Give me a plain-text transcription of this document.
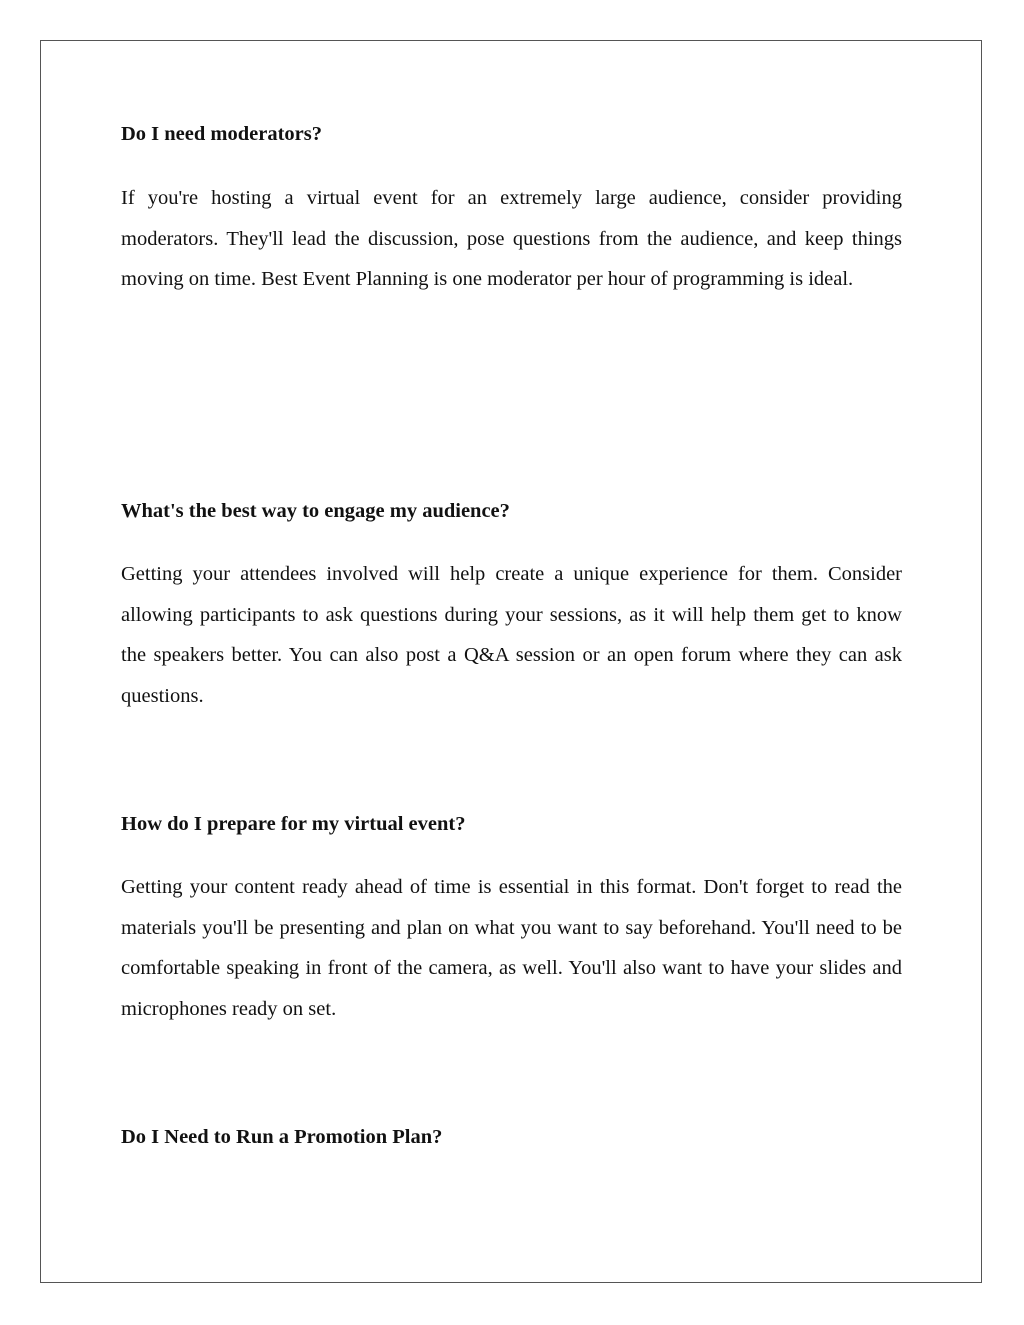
Do I need moderators?

If you're hosting a virtual event for an extremely large audience, consider providing moderators. They'll lead the discussion, pose questions from the audience, and keep things moving on time. Best Event Planning is one moderator per hour of programming is ideal.

What's the best way to engage my audience?

Getting your attendees involved will help create a unique experience for them. Consider allowing participants to ask questions during your sessions, as it will help them get to know the speakers better. You can also post a Q&A session or an open forum where they can ask questions.

How do I prepare for my virtual event?

Getting your content ready ahead of time is essential in this format. Don't forget to read the materials you'll be presenting and plan on what you want to say beforehand. You'll need to be comfortable speaking in front of the camera, as well. You'll also want to have your slides and microphones ready on set.

Do I Need to Run a Promotion Plan?
